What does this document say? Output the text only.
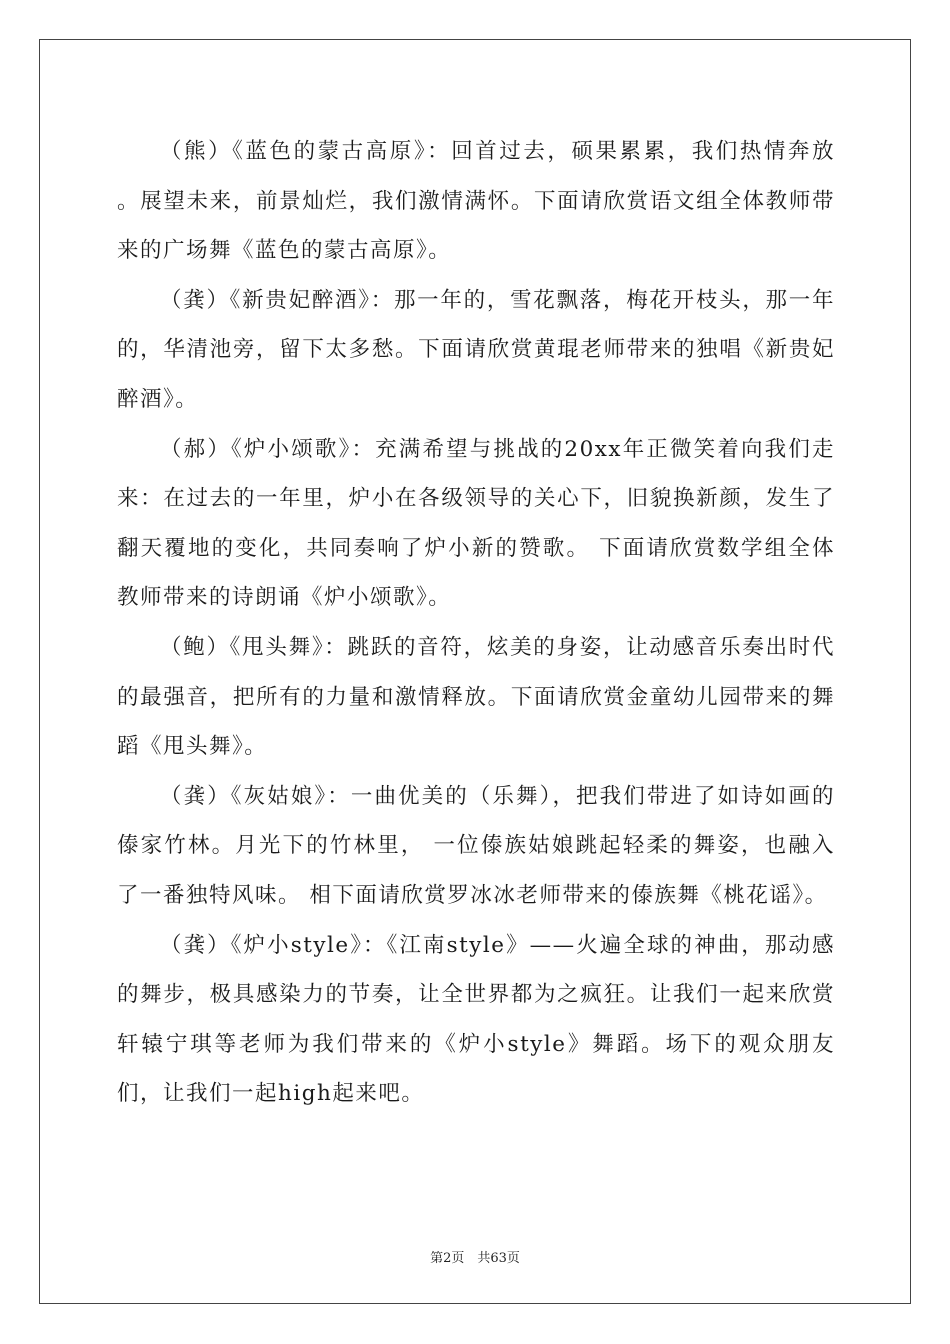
（熊）《蓝色的蒙古高原》：回首过去，硕果累累，我们热情奔放 。展望未来，前景灿烂，我们激情满怀。下面请欣赏语文组全体教师带来的广场舞《蓝色的蒙古高原》。

（龚）《新贵妃醉酒》：那一年的，雪花飘落，梅花开枝头，那一年的，华清池旁，留下太多愁。下面请欣赏黄琨老师带来的独唱《新贵妃醉酒》。

（郝）《炉小颂歌》：充满希望与挑战的20xx年正微笑着向我们走来：在过去的一年里，炉小在各级领导的关心下，旧貌换新颜，发生了翻天覆地的变化，共同奏响了炉小新的赞歌。 下面请欣赏数学组全体教师带来的诗朗诵《炉小颂歌》。

（鲍）《甩头舞》：跳跃的音符，炫美的身姿，让动感音乐奏出时代的最强音，把所有的力量和激情释放。下面请欣赏金童幼儿园带来的舞蹈《甩头舞》。

（龚）《灰姑娘》：一曲优美的（乐舞），把我们带进了如诗如画的傣家竹林。月光下的竹林里， 一位傣族姑娘跳起轻柔的舞姿，也融入了一番独特风味。 相下面请欣赏罗冰冰老师带来的傣族舞《桃花谣》。

（龚）《炉小style》：《江南style》——火遍全球的神曲，那动感的舞步，极具感染力的节奏，让全世界都为之疯狂。让我们一起来欣赏轩辕宁琪等老师为我们带来的《炉小style》舞蹈。场下的观众朋友们，让我们一起high起来吧。

第2页　共63页
